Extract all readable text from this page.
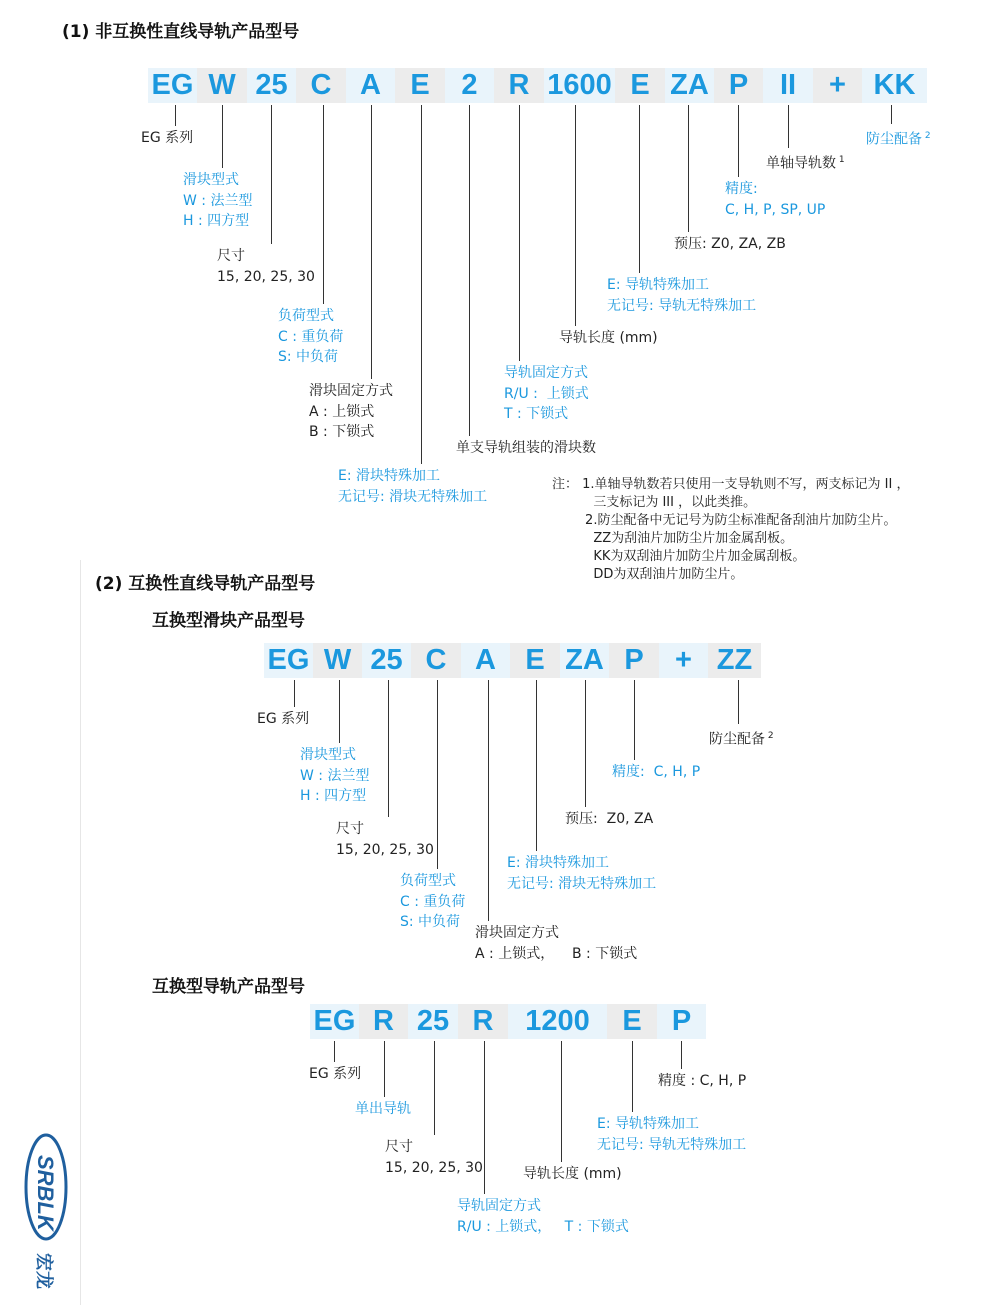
(1) 非互换性直线导轨产品型号
(2) 互换性直线导轨产品型号
互换型滑块产品型号
互换型导轨产品型号
注： 1.单轴导轨数若只使用一支导轨则不写，两支标记为 II ，
三支标记为 III ，以此类推。
2.防尘配备中无记号为防尘标准配备刮油片加防尘片。
ZZ为刮油片加防尘片加金属刮板。
KK为双刮油片加防尘片加金属刮板。
DD为双刮油片加防尘片。
SRBLK
宏龙
EG
EG 系列
W
滑块型式
W : 法兰型
H : 四方型
25
尺寸
15, 20, 25, 30
C
负荷型式
C : 重负荷
S: 中负荷
A
滑块固定方式
A : 上锁式
B : 下锁式
E
E: 滑块特殊加工
无记号: 滑块无特殊加工
2
单支导轨组装的滑块数
R
导轨固定方式
R/U :  上锁式
T : 下锁式
1600
导轨长度 (mm)
E
E: 导轨特殊加工
无记号: 导轨无特殊加工
ZA
预压: Z0, ZA, ZB
P
精度:
C, H, P, SP, UP
II
单轴导轨数 $^1$
+ KK
防尘配备 $^2$
EG
EG 系列
W
滑块型式
W : 法兰型
H : 四方型
25
尺寸
15, 20, 25, 30
C
负荷型式
C : 重负荷
S: 中负荷
A
滑块固定方式
A : 上锁式，    B : 下锁式
E
E: 滑块特殊加工
无记号: 滑块无特殊加工
ZA
预压:  Z0, ZA
P
精度:  C, H, P
+ ZZ
防尘配备 $^2$
EG
EG 系列
R
单出导轨
25
尺寸
15, 20, 25, 30
R
导轨固定方式
R/U : 上锁式，   T : 下锁式
1200
导轨长度 (mm)
E
E: 导轨特殊加工
无记号: 导轨无特殊加工
P
精度 : C, H, P
